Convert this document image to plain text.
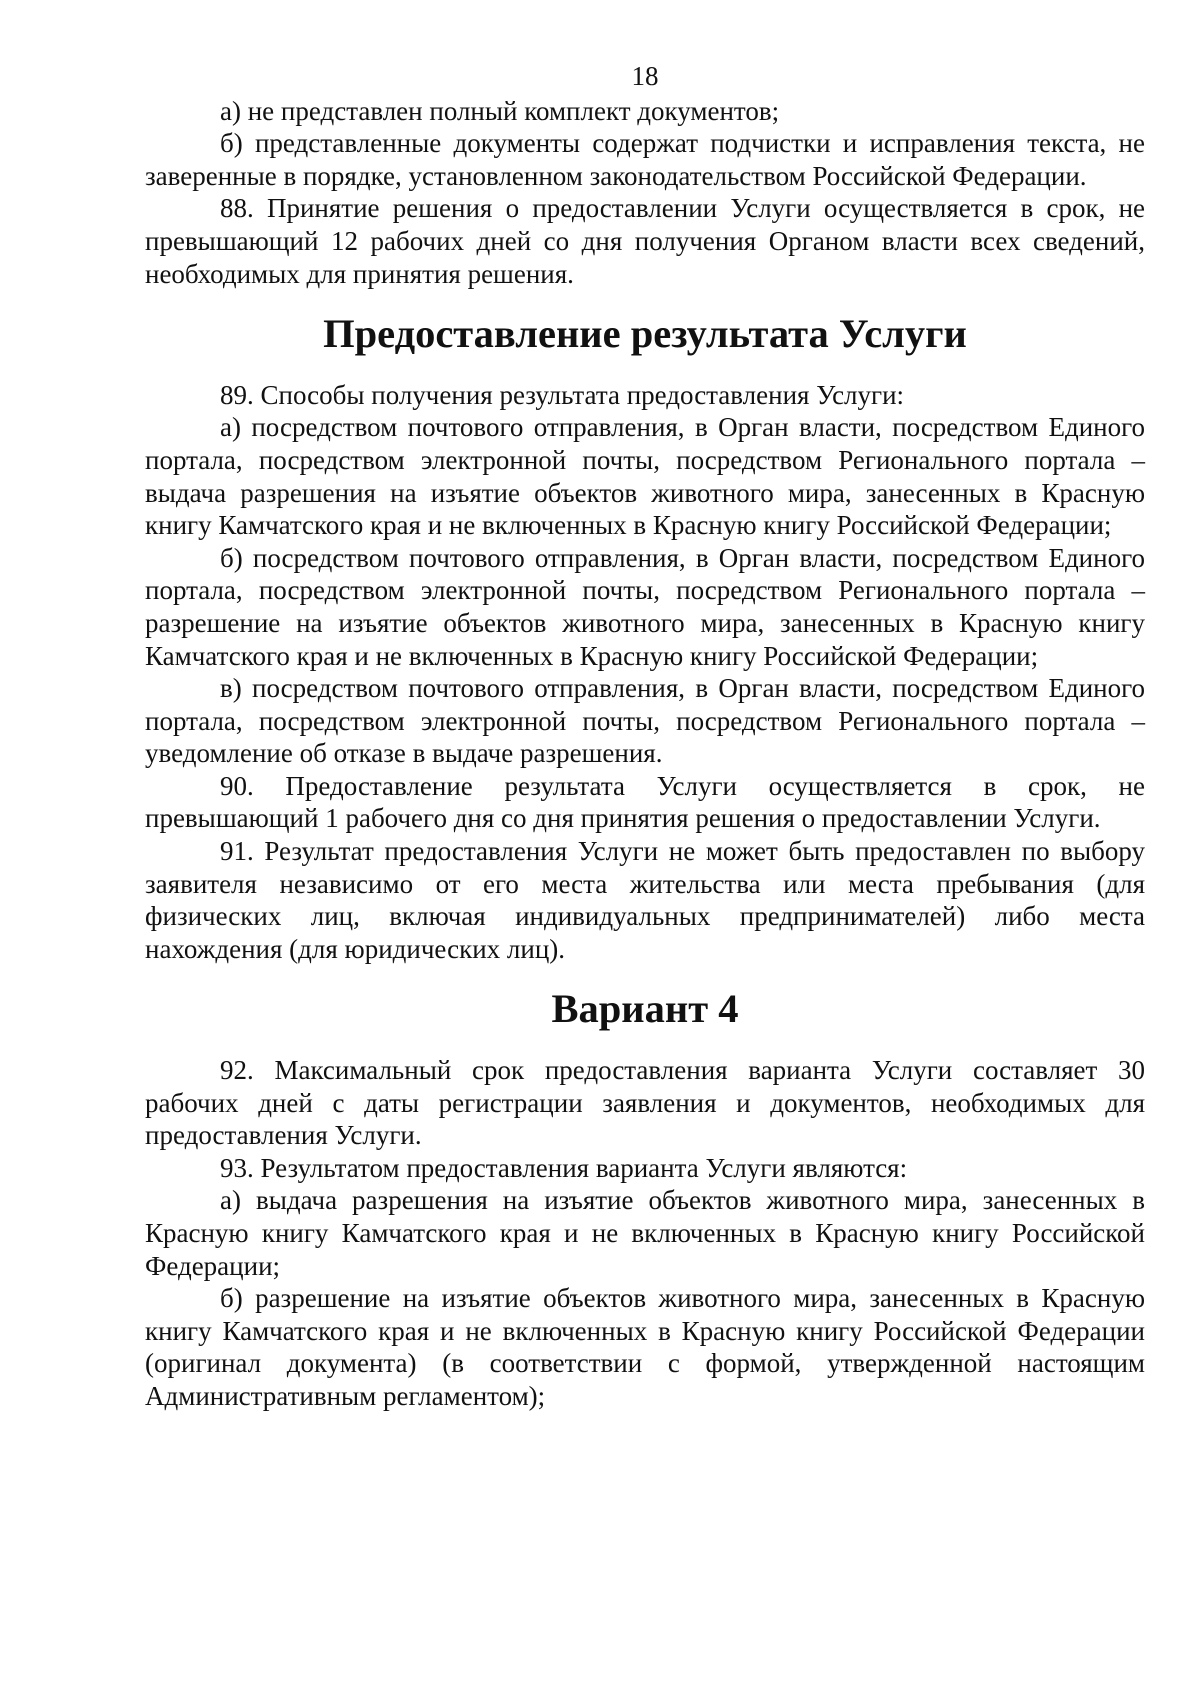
18

а) не представлен полный комплект документов;

б) представленные документы содержат подчистки и исправления текста, не заверенные в порядке, установленном законодательством Российской Федерации.

88. Принятие решения о предоставлении Услуги осуществляется в срок, не превышающий 12 рабочих дней со дня получения Органом власти всех сведений, необходимых для принятия решения.

Предоставление результата Услуги

89. Способы получения результата предоставления Услуги:

а) посредством почтового отправления, в Орган власти, посредством Единого портала, посредством электронной почты, посредством Регионального портала – выдача разрешения на изъятие объектов животного мира, занесенных в Красную книгу Камчатского края и не включенных в Красную книгу Российской Федерации;

б) посредством почтового отправления, в Орган власти, посредством Единого портала, посредством электронной почты, посредством Регионального портала – разрешение на изъятие объектов животного мира, занесенных в Красную книгу Камчатского края и не включенных в Красную книгу Российской Федерации;

в) посредством почтового отправления, в Орган власти, посредством Единого портала, посредством электронной почты, посредством Регионального портала – уведомление об отказе в выдаче разрешения.

90. Предоставление результата Услуги осуществляется в срок, не превышающий 1 рабочего дня со дня принятия решения о предоставлении Услуги.

91. Результат предоставления Услуги не может быть предоставлен по выбору заявителя независимо от его места жительства или места пребывания (для физических лиц, включая индивидуальных предпринимателей) либо места нахождения (для юридических лиц).

Вариант 4

92. Максимальный срок предоставления варианта Услуги составляет 30 рабочих дней с даты регистрации заявления и документов, необходимых для предоставления Услуги.

93. Результатом предоставления варианта Услуги являются:

а) выдача разрешения на изъятие объектов животного мира, занесенных в Красную книгу Камчатского края и не включенных в Красную книгу Российской Федерации;

б) разрешение на изъятие объектов животного мира, занесенных в Красную книгу Камчатского края и не включенных в Красную книгу Российской Федерации (оригинал документа) (в соответствии с формой, утвержденной настоящим Административным регламентом);
